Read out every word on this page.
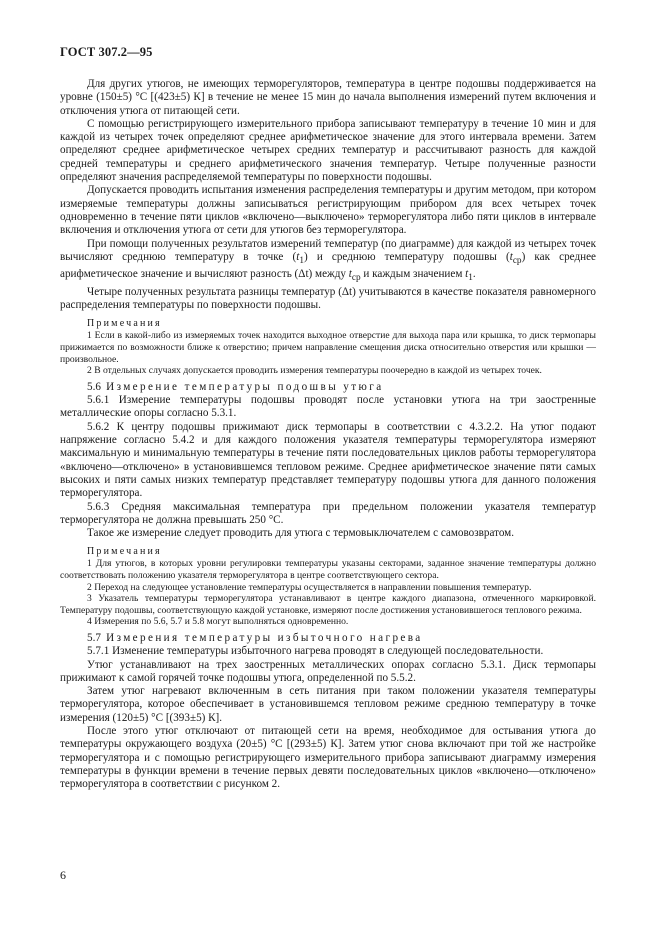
ГОСТ 307.2—95

Для других утюгов, не имеющих терморегуляторов, температура в центре подошвы поддерживается на уровне (150±5) °С [(423±5) К] в течение не менее 15 мин до начала выполнения измерений путем включения и отключения утюга от питающей сети.

С помощью регистрирующего измерительного прибора записывают температуру в течение 10 мин и для каждой из четырех точек определяют среднее арифметическое значение для этого интервала времени. Затем определяют среднее арифметическое четырех средних температур и рассчитывают разность для каждой средней температуры и среднего арифметического значения температур. Четыре полученные разности определяют значения распределяемой температуры по поверхности подошвы.

Допускается проводить испытания изменения распределения температуры и другим методом, при котором измеряемые температуры должны записываться регистрирующим прибором для всех четырех точек одновременно в течение пяти циклов «включено—выключено» терморегулятора либо пяти циклов в интервале включения и отключения утюга от сети для утюгов без терморегулятора.

При помощи полученных результатов измерений температур (по диаграмме) для каждой из четырех точек вычисляют среднюю температуру в точке $(t_1)$ и среднюю температуру подошвы $(t_{ср})$ как среднее арифметическое значение и вычисляют разность (Δt) между $t_{ср}$ и каждым значением $t_1$.

Четыре полученных результата разницы температур (Δt) учитываются в качестве показателя равномерного распределения температуры по поверхности подошвы.

Примечания

1 Если в какой-либо из измеряемых точек находится выходное отверстие для выхода пара или крышка, то диск термопары прижимается по возможности ближе к отверстию; причем направление смещения диска относительно отверстия или крышки — произвольное.

2 В отдельных случаях допускается проводить измерения температуры поочередно в каждой из четырех точек.

5.6 Измерение температуры подошвы утюга

5.6.1 Измерение температуры подошвы проводят после установки утюга на три заостренные металлические опоры согласно 5.3.1.

5.6.2 К центру подошвы прижимают диск термопары в соответствии с 4.3.2.2. На утюг подают напряжение согласно 5.4.2 и для каждого положения указателя температуры терморегулятора измеряют максимальную и минимальную температуры в течение пяти последовательных циклов работы терморегулятора «включено—отключено» в установившемся тепловом режиме. Среднее арифметическое значение пяти самых высоких и пяти самых низких температур представляет температуру подошвы утюга для данного положения терморегулятора.

5.6.3 Средняя максимальная температура при предельном положении указателя температур терморегулятора не должна превышать 250 °С.

Такое же измерение следует проводить для утюга с термовыключателем с самовозвратом.

Примечания

1 Для утюгов, в которых уровни регулировки температуры указаны секторами, заданное значение температуры должно соответствовать положению указателя терморегулятора в центре соответствующего сектора.

2 Переход на следующее установление температуры осуществляется в направлении повышения температур.

3 Указатель температуры терморегулятора устанавливают в центре каждого диапазона, отмеченного маркировкой. Температуру подошвы, соответствующую каждой установке, измеряют после достижения установившегося теплового режима.

4 Измерения по 5.6, 5.7 и 5.8 могут выполняться одновременно.

5.7 Измерения температуры избыточного нагрева

5.7.1 Изменение температуры избыточного нагрева проводят в следующей последовательности.

Утюг устанавливают на трех заостренных металлических опорах согласно 5.3.1. Диск термопары прижимают к самой горячей точке подошвы утюга, определенной по 5.5.2.

Затем утюг нагревают включенным в сеть питания при таком положении указателя температуры терморегулятора, которое обеспечивает в установившемся тепловом режиме среднюю температуру в точке измерения (120±5) °С [(393±5) К].

После этого утюг отключают от питающей сети на время, необходимое для остывания утюга до температуры окружающего воздуха (20±5) °С [(293±5) К]. Затем утюг снова включают при той же настройке терморегулятора и с помощью регистрирующего измерительного прибора записывают диаграмму измерения температуры в функции времени в течение первых девяти последовательных циклов «включено—отключено» терморегулятора в соответствии с рисунком 2.

6
